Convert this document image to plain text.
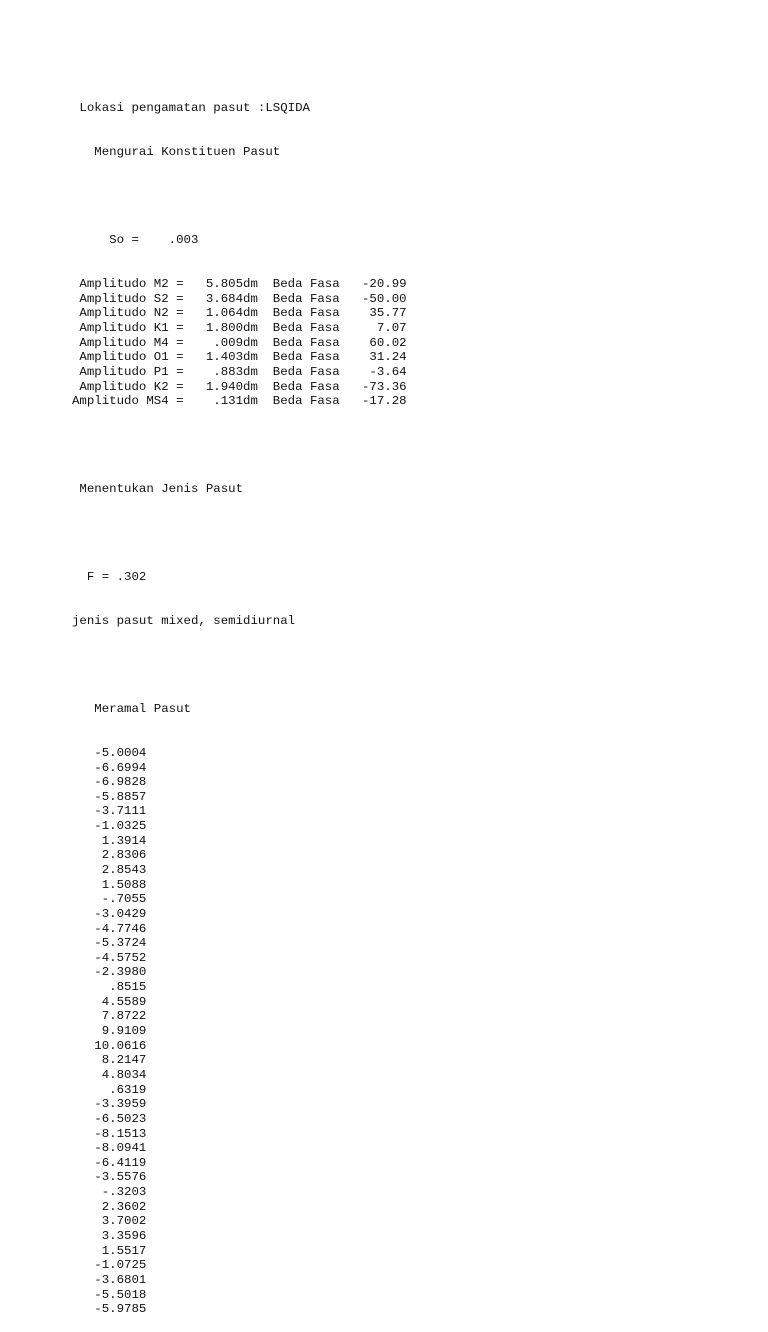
Lokasi pengamatan pasut :LSQIDA

Mengurai Konstituen Pasut

So =    .003

Amplitudo M2 =   5.805dm  Beda Fasa   -20.99
Amplitudo S2 =   3.684dm  Beda Fasa   -50.00
Amplitudo N2 =   1.064dm  Beda Fasa    35.77
Amplitudo K1 =   1.800dm  Beda Fasa     7.07
Amplitudo M4 =    .009dm  Beda Fasa    60.02
Amplitudo O1 =   1.403dm  Beda Fasa    31.24
Amplitudo P1 =    .883dm  Beda Fasa    -3.64
Amplitudo K2 =   1.940dm  Beda Fasa   -73.36
Amplitudo MS4 =    .131dm  Beda Fasa   -17.28

Menentukan Jenis Pasut

F = .302

jenis pasut mixed, semidiurnal

Meramal Pasut

-5.0004
-6.6994
-6.9828
-5.8857
-3.7111
-1.0325
1.3914
2.8306
2.8543
1.5088
-.7055
-3.0429
-4.7746
-5.3724
-4.5752
-2.3980
.8515
4.5589
7.8722
9.9109
10.0616
8.2147
4.8034
.6319
-3.3959
-6.5023
-8.1513
-8.0941
-6.4119
-3.5576
-.3203
2.3602
3.7002
3.3596
1.5517
-1.0725
-3.6801
-5.5018
-5.9785
